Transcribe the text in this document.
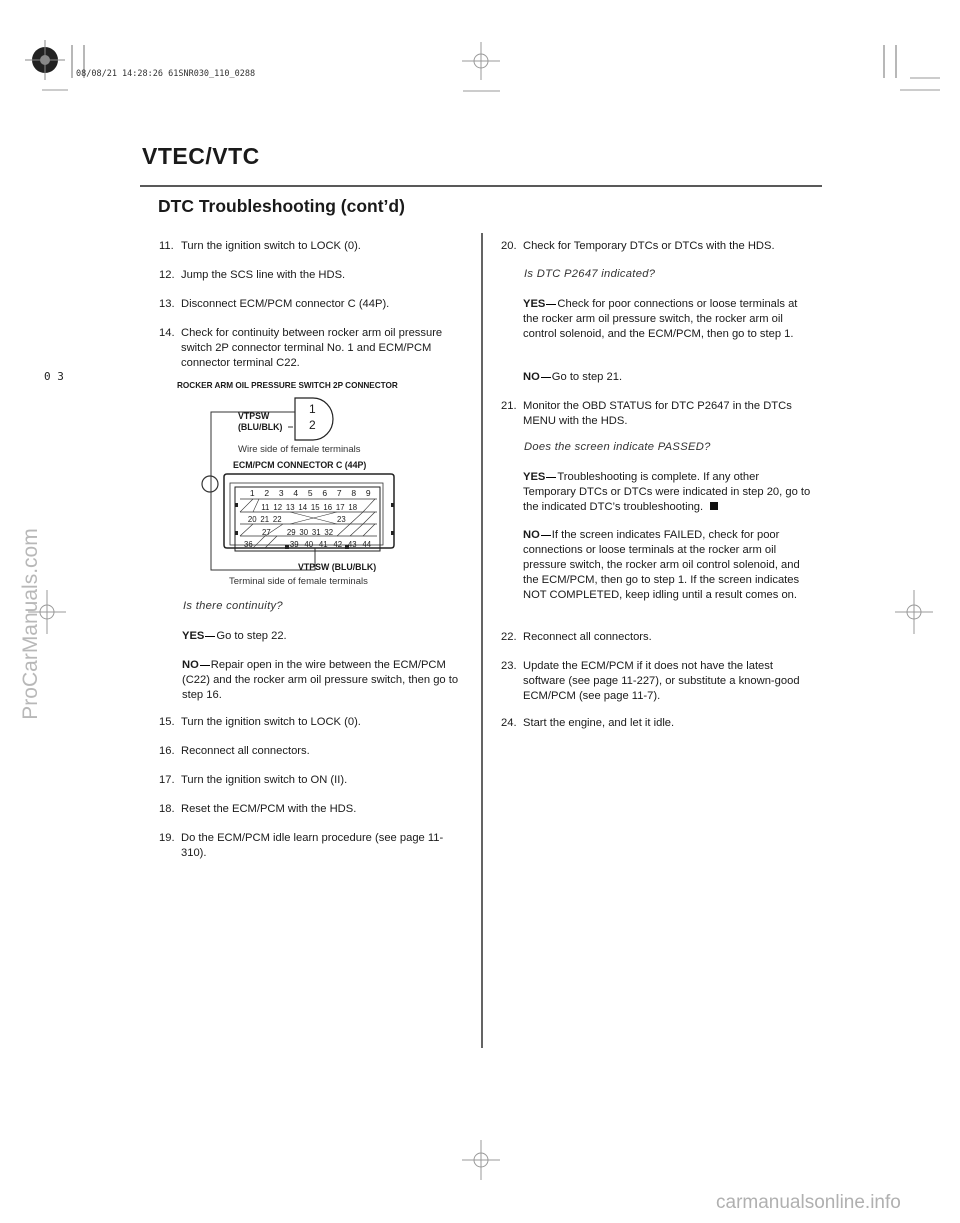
08/08/21 14:28:26 61SNR030_110_0288
VTEC/VTC
DTC Troubleshooting (cont’d)
0 3
ProCarManuals.com
carmanualsonline.info
11. Turn the ignition switch to LOCK (0).
12. Jump the SCS line with the HDS.
13. Disconnect ECM/PCM connector C (44P).
14. Check for continuity between rocker arm oil pressure switch 2P connector terminal No. 1 and ECM/PCM connector terminal C22.
ROCKER ARM OIL PRESSURE SWITCH 2P CONNECTOR
VTPSW
(BLU/BLK)
1
2
Wire side of female terminals
ECM/PCM CONNECTOR C (44P)
1	2	3	4	5	6	7	8	9
11 12 13 14 15 16 17 18
20 21 22	23
27 29 30 31 32
36	39 40 41 42 43 44
VTPSW (BLU/BLK)
Terminal side of female terminals
Is there continuity?
YES Go to step 22.
NO Repair open in the wire between the ECM/PCM (C22) and the rocker arm oil pressure switch, then go to step 16.
15. Turn the ignition switch to LOCK (0).
16. Reconnect all connectors.
17. Turn the ignition switch to ON (II).
18. Reset the ECM/PCM with the HDS.
19. Do the ECM/PCM idle learn procedure (see page 11-310).
20. Check for Temporary DTCs or DTCs with the HDS.
Is DTC P2647 indicated?
YES Check for poor connections or loose terminals at the rocker arm oil pressure switch, the rocker arm oil control solenoid, and the ECM/PCM, then go to step 1.
NO Go to step 21.
21. Monitor the OBD STATUS for DTC P2647 in the DTCs MENU with the HDS.
Does the screen indicate PASSED?
YES Troubleshooting is complete. If any other Temporary DTCs or DTCs were indicated in step 20, go to the indicated DTC’s troubleshooting.
NO If the screen indicates FAILED, check for poor connections or loose terminals at the rocker arm oil pressure switch, the rocker arm oil control solenoid, and the ECM/PCM, then go to step 1. If the screen indicates NOT COMPLETED, keep idling until a result comes on.
22. Reconnect all connectors.
23. Update the ECM/PCM if it does not have the latest software (see page 11-227), or substitute a known-good ECM/PCM (see page 11-7).
24. Start the engine, and let it idle.
